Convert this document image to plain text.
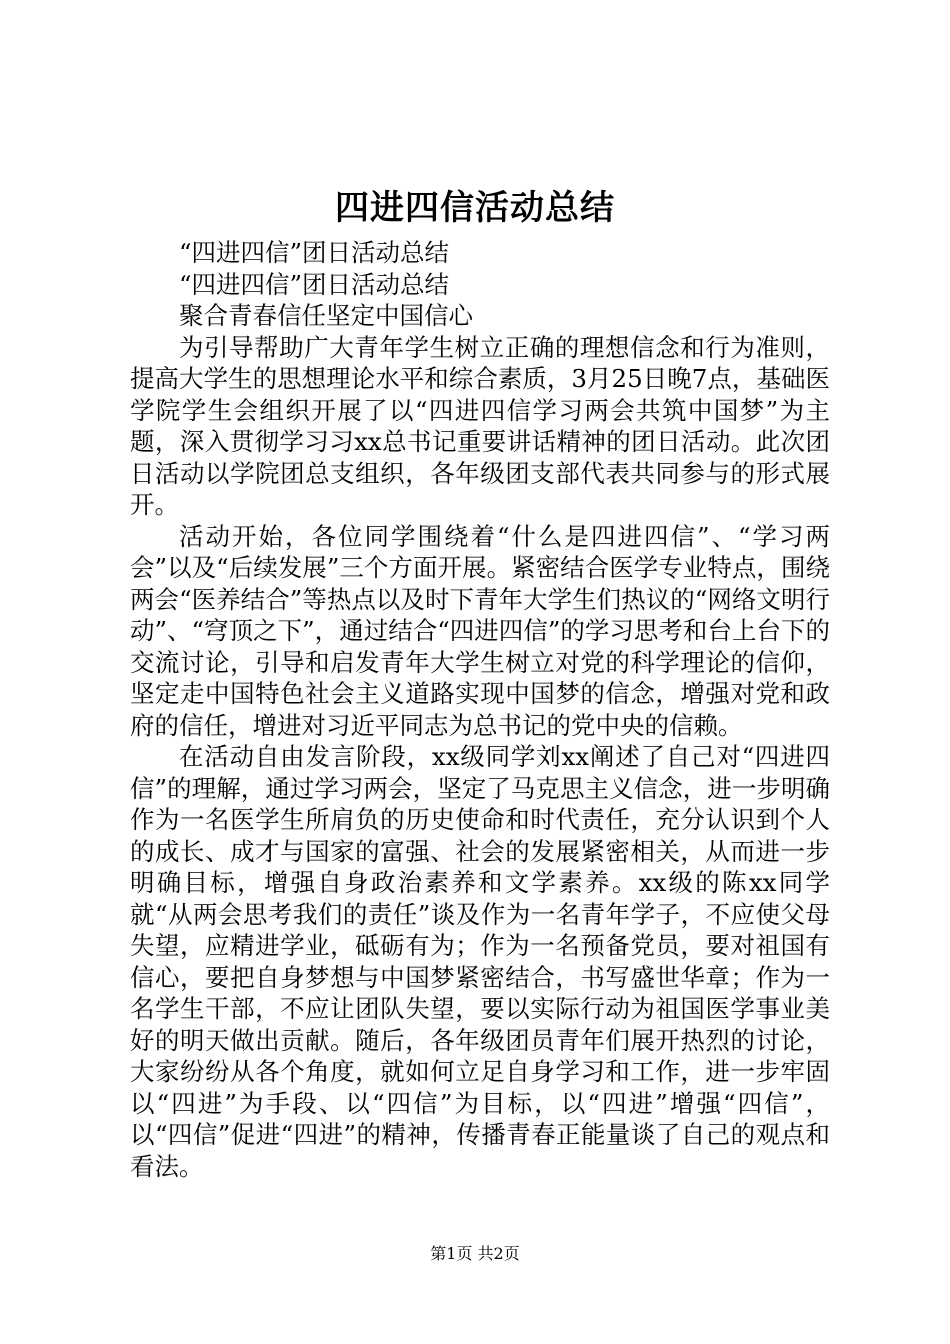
四进四信活动总结

“四进四信”团日活动总结

“四进四信”团日活动总结

聚合青春信任坚定中国信心

为引导帮助广大青年学生树立正确的理想信念和行为准则，提高大学生的思想理论水平和综合素质，3月25日晚7点，基础医学院学生会组织开展了以“四进四信学习两会共筑中国梦”为主题，深入贯彻学习习xx总书记重要讲话精神的团日活动。此次团日活动以学院团总支组织，各年级团支部代表共同参与的形式展开。

活动开始，各位同学围绕着“什么是四进四信”、“学习两会”以及“后续发展”三个方面开展。紧密结合医学专业特点，围绕两会“医养结合”等热点以及时下青年大学生们热议的“网络文明行动”、“穹顶之下”，通过结合“四进四信”的学习思考和台上台下的交流讨论，引导和启发青年大学生树立对党的科学理论的信仰，坚定走中国特色社会主义道路实现中国梦的信念，增强对党和政府的信任，增进对习近平同志为总书记的党中央的信赖。

在活动自由发言阶段，xx级同学刘xx阐述了自己对“四进四信”的理解，通过学习两会，坚定了马克思主义信念，进一步明确作为一名医学生所肩负的历史使命和时代责任，充分认识到个人的成长、成才与国家的富强、社会的发展紧密相关，从而进一步明确目标，增强自身政治素养和文学素养。xx级的陈xx同学就“从两会思考我们的责任”谈及作为一名青年学子，不应使父母失望，应精进学业，砥砺有为；作为一名预备党员，要对祖国有信心，要把自身梦想与中国梦紧密结合，书写盛世华章；作为一名学生干部，不应让团队失望，要以实际行动为祖国医学事业美好的明天做出贡献。随后，各年级团员青年们展开热烈的讨论，大家纷纷从各个角度，就如何立足自身学习和工作，进一步牢固以“四进”为手段、以“四信”为目标，以“四进”增强“四信”，以“四信”促进“四进”的精神，传播青春正能量谈了自己的观点和看法。

第1页 共2页
